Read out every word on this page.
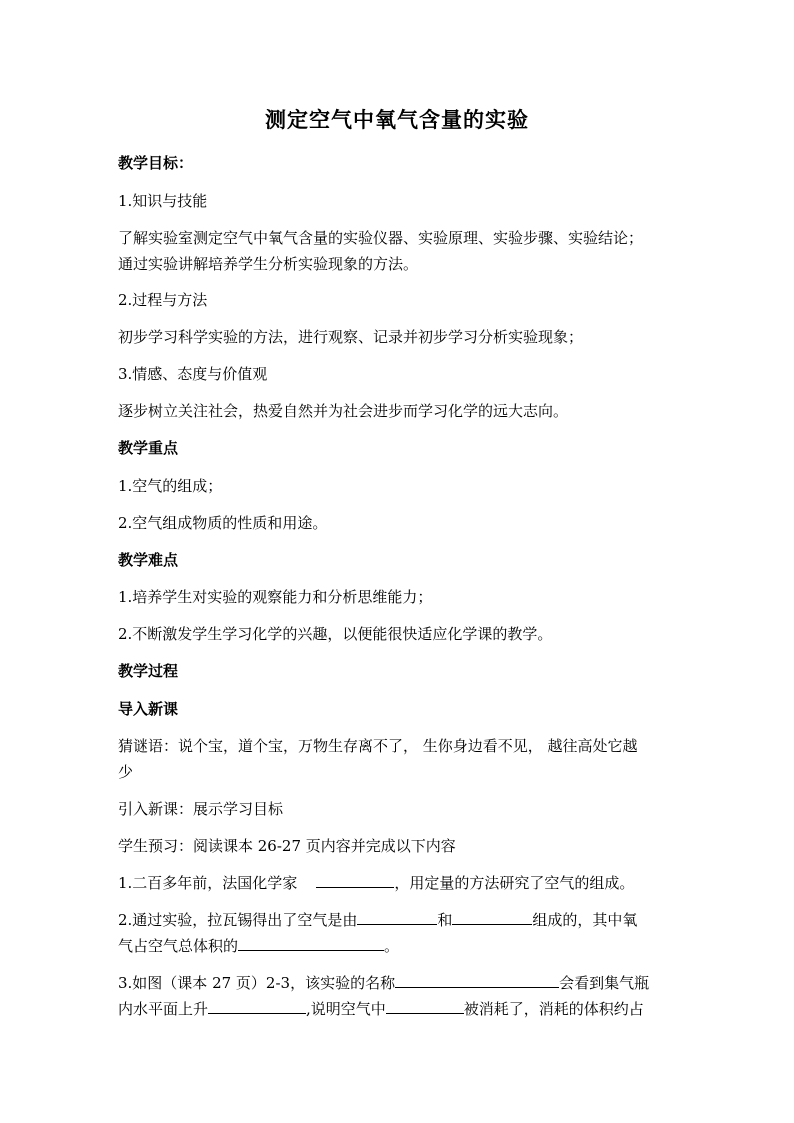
测定空气中氧气含量的实验
教学目标：
1.知识与技能
了解实验室测定空气中氧气含量的实验仪器、实验原理、实验步骤、实验结论；
通过实验讲解培养学生分析实验现象的方法。
2.过程与方法
初步学习科学实验的方法，进行观察、记录并初步学习分析实验现象；
3.情感、态度与价值观
逐步树立关注社会，热爱自然并为社会进步而学习化学的远大志向。
教学重点
1.空气的组成；
2.空气组成物质的性质和用途。
教学难点
1.培养学生对实验的观察能力和分析思维能力；
2.不断激发学生学习化学的兴趣，以便能很快适应化学课的教学。
教学过程
导入新课
猜谜语：说个宝，道个宝，万物生存离不了， 生你身边看不见， 越往高处它越
少
引入新课：展示学习目标
学生预习：阅读课本 26-27 页内容并完成以下内容
1.二百多年前，法国化学家	，用定量的方法研究了空气的组成。
2.通过实验，拉瓦锡得出了空气是由	和	组成的，其中氧
气占空气总体积的	。
3.如图（课本 27 页）2-3，该实验的名称	会看到集气瓶
内水平面上升	,说明空气中	被消耗了，消耗的体积约占
